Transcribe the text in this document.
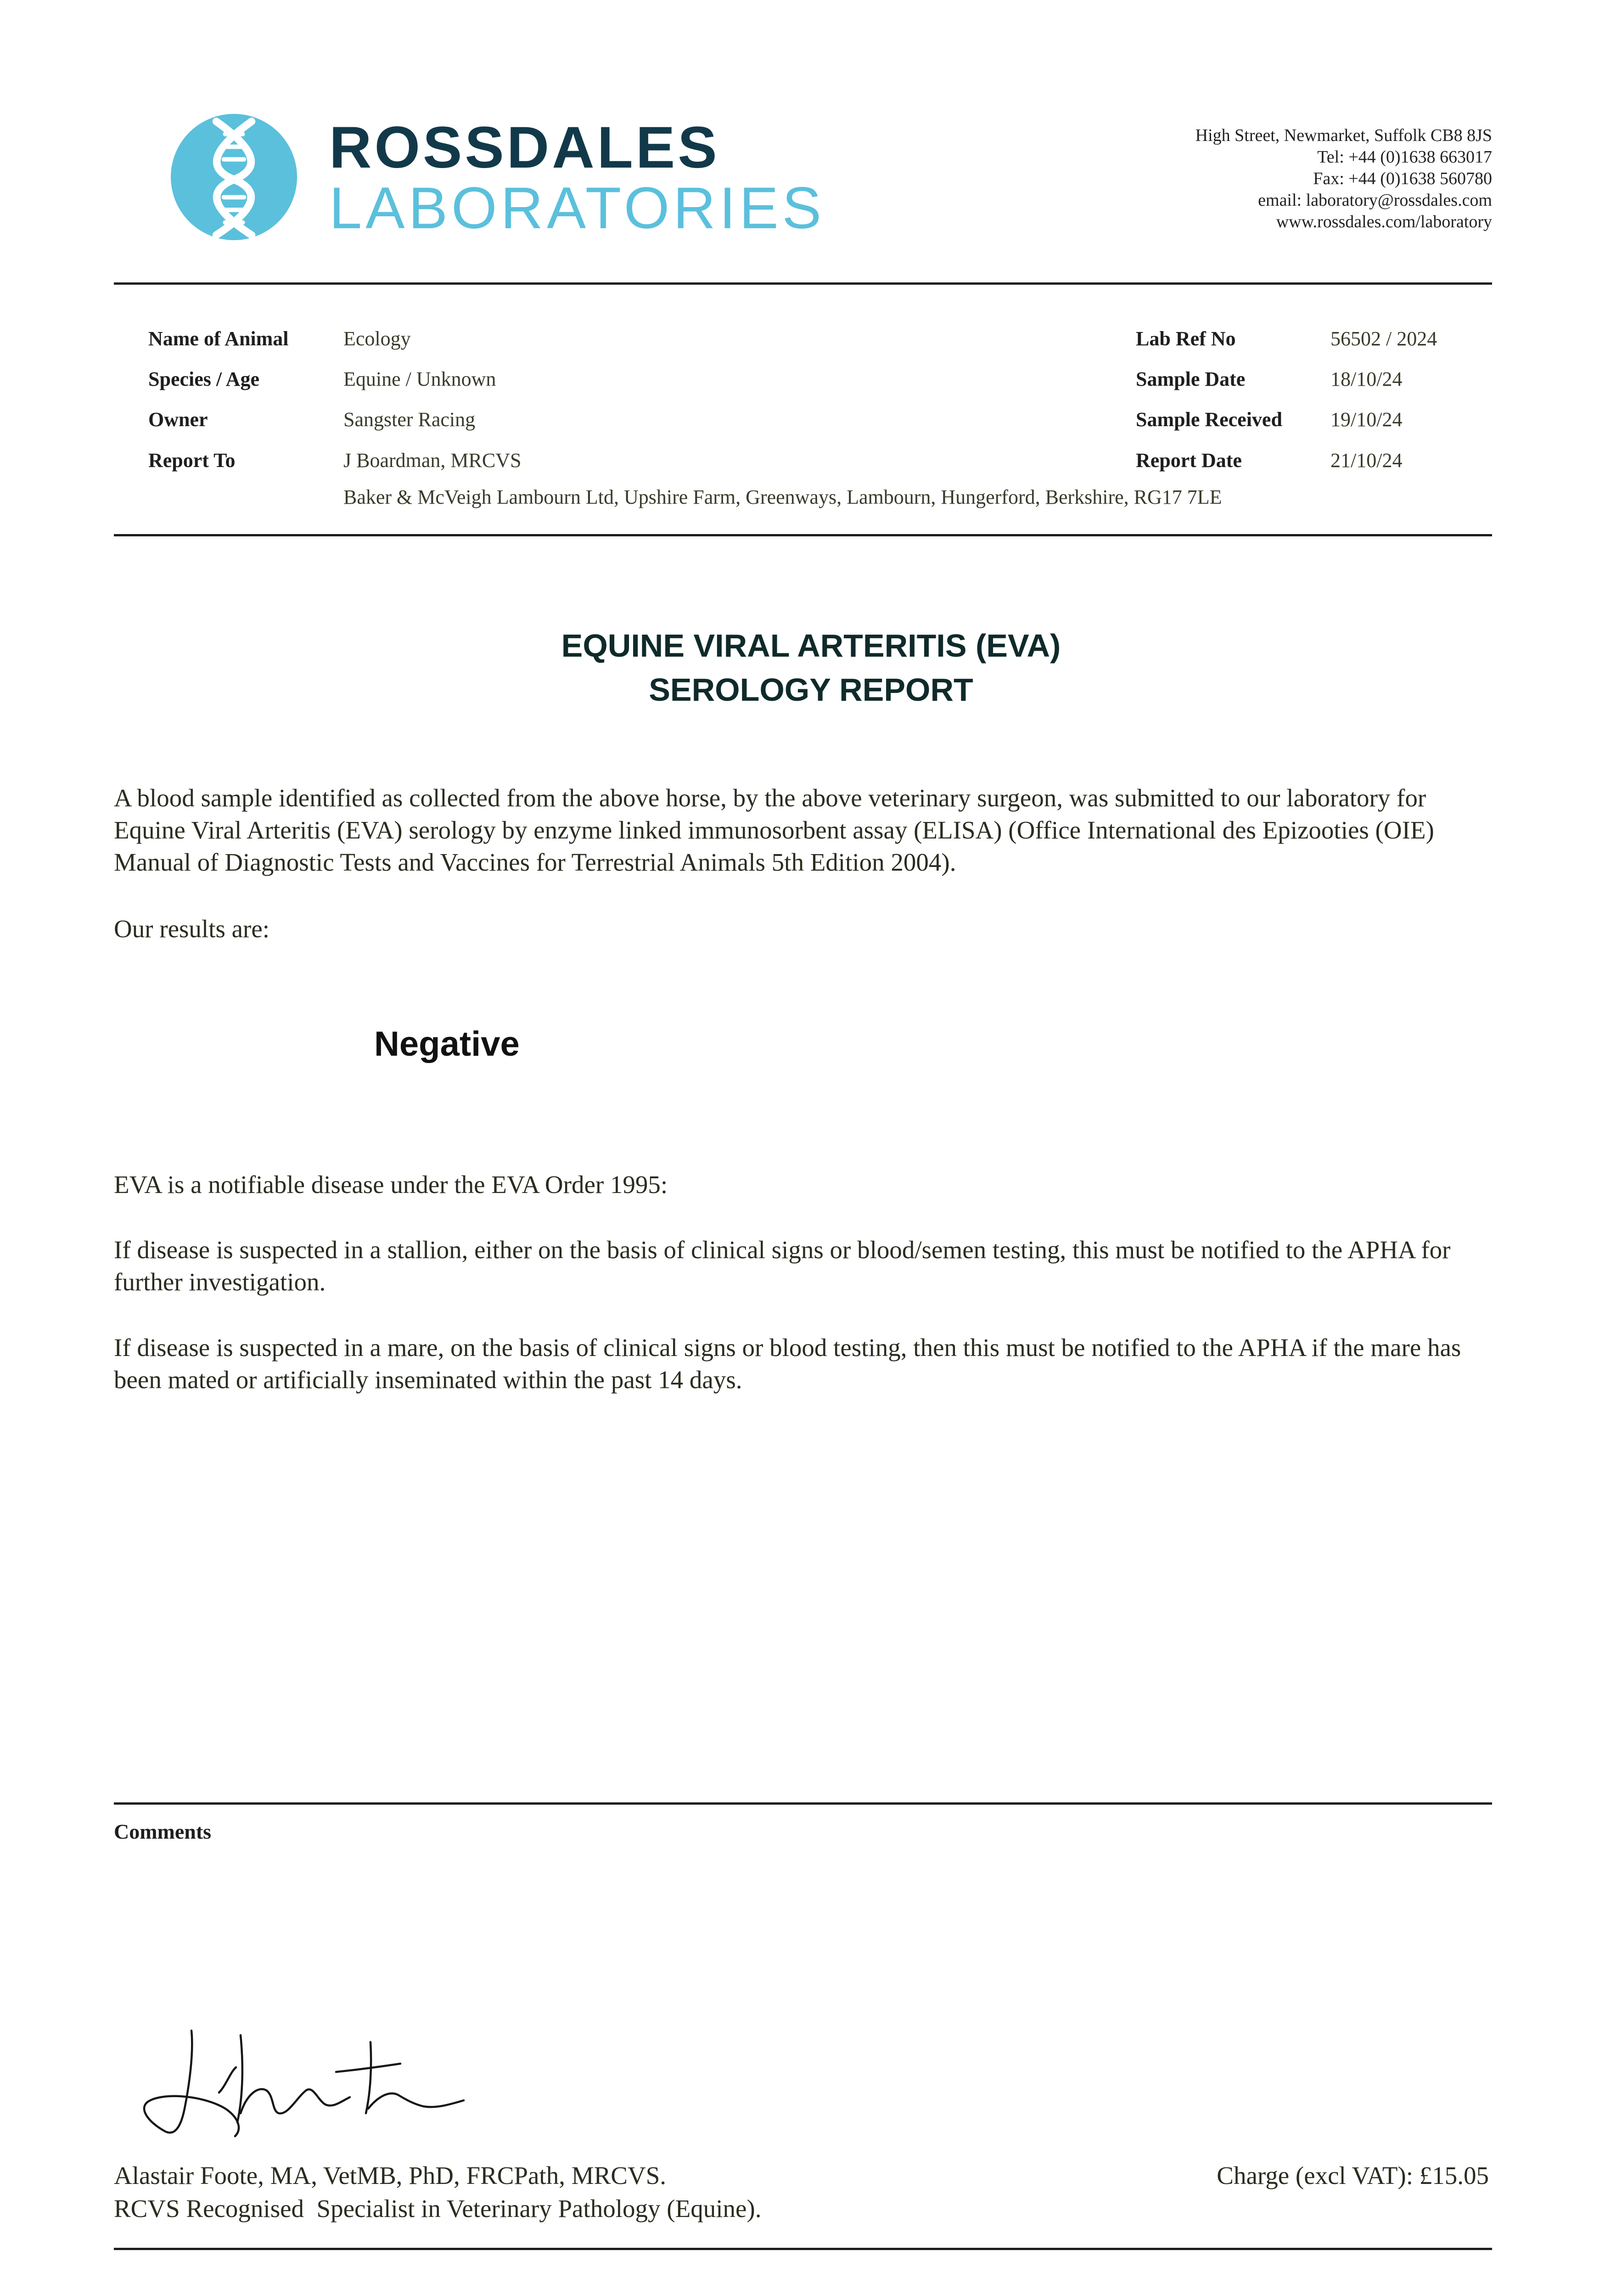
ROSSDALES
LABORATORIES
High Street, Newmarket, Suffolk CB8 8JS
Tel: +44 (0)1638 663017
Fax: +44 (0)1638 560780
email: laboratory@rossdales.com
www.rossdales.com/laboratory
Name of Animal	Ecology
Species / Age	Equine / Unknown
Owner	Sangster Racing
Report To	J Boardman, MRCVS
Baker & McVeigh Lambourn Ltd, Upshire Farm, Greenways, Lambourn, Hungerford, Berkshire, RG17 7LE
Lab Ref No	56502 / 2024
Sample Date	18/10/24
Sample Received 19/10/24
Report Date	21/10/24
EQUINE VIRAL ARTERITIS (EVA)
SEROLOGY REPORT
A blood sample identified as collected from the above horse, by the above veterinary surgeon, was submitted to our laboratory for Equine Viral Arteritis (EVA) serology by enzyme linked immunosorbent assay (ELISA) (Office International des Epizooties (OIE) Manual of Diagnostic Tests and Vaccines for Terrestrial Animals 5th Edition 2004).
Our results are:
Negative
EVA is a notifiable disease under the EVA Order 1995:
If disease is suspected in a stallion, either on the basis of clinical signs or blood/semen testing, this must be notified to the APHA for further investigation.
If disease is suspected in a mare, on the basis of clinical signs or blood testing, then this must be notified to the APHA if the mare has been mated or artificially inseminated within the past 14 days.
Comments
Alastair Foote, MA, VetMB, PhD, FRCPath, MRCVS.
RCVS Recognised  Specialist in Veterinary Pathology (Equine).
Charge (excl VAT): £15.05
